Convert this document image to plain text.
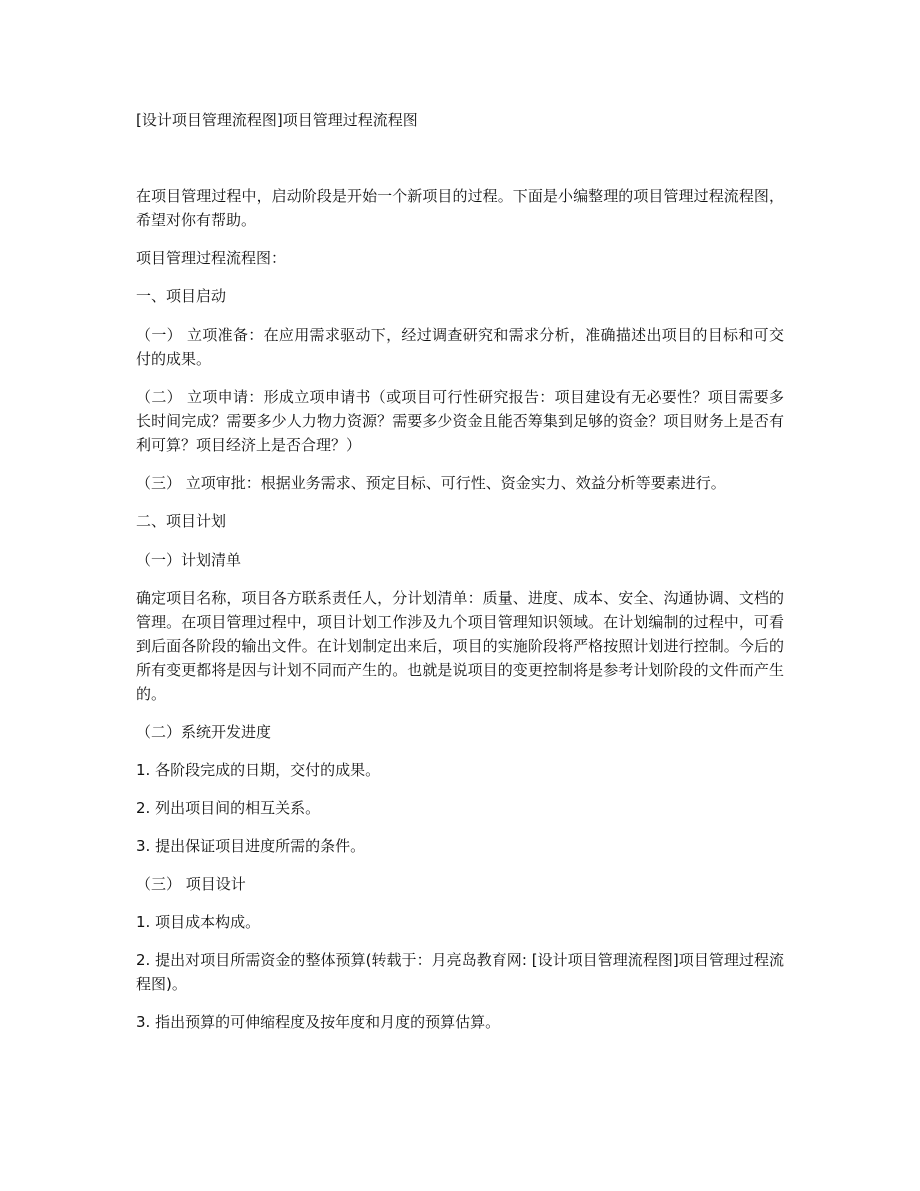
[设计项目管理流程图]项目管理过程流程图

在项目管理过程中，启动阶段是开始一个新项目的过程。下面是小编整理的项目管理过程流程图，希望对你有帮助。

项目管理过程流程图：

一、项目启动

（一） 立项准备：在应用需求驱动下，经过调查研究和需求分析，准确描述出项目的目标和可交付的成果。

（二） 立项申请：形成立项申请书（或项目可行性研究报告：项目建设有无必要性？项目需要多长时间完成？需要多少人力物力资源？需要多少资金且能否筹集到足够的资金？项目财务上是否有利可算？项目经济上是否合理？）

（三） 立项审批：根据业务需求、预定目标、可行性、资金实力、效益分析等要素进行。

二、项目计划

（一）计划清单

确定项目名称，项目各方联系责任人，分计划清单：质量、进度、成本、安全、沟通协调、文档的管理。在项目管理过程中，项目计划工作涉及九个项目管理知识领域。在计划编制的过程中，可看到后面各阶段的输出文件。在计划制定出来后，项目的实施阶段将严格按照计划进行控制。今后的所有变更都将是因与计划不同而产生的。也就是说项目的变更控制将是参考计划阶段的文件而产生的。

（二）系统开发进度

1. 各阶段完成的日期，交付的成果。

2. 列出项目间的相互关系。

3. 提出保证项目进度所需的条件。

（三） 项目设计

1. 项目成本构成。

2. 提出对项目所需资金的整体预算(转载于：月亮岛教育网: [设计项目管理流程图]项目管理过程流程图)。

3. 指出预算的可伸缩程度及按年度和月度的预算估算。
